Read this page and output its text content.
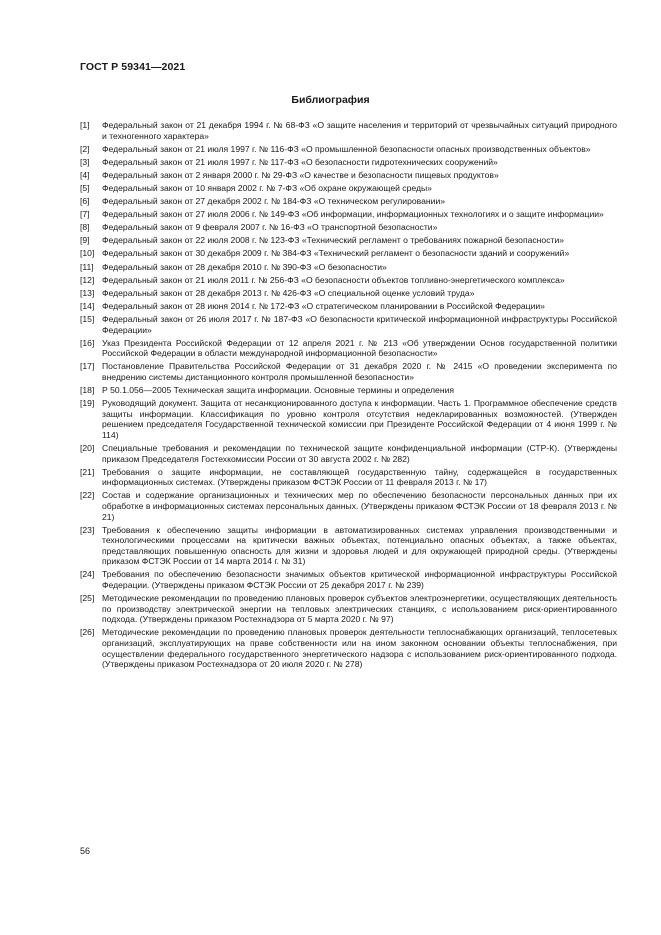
ГОСТ Р 59341—2021
Библиография
[1]	Федеральный закон от 21 декабря 1994 г. № 68-ФЗ «О защите населения и территорий от чрезвычайных ситуаций природного и техногенного характера»
[2]	Федеральный закон от 21 июля 1997 г. № 116-ФЗ «О промышленной безопасности опасных производственных объектов»
[3]	Федеральный закон от 21 июля 1997 г. № 117-ФЗ «О безопасности гидротехнических сооружений»
[4]	Федеральный закон от 2 января 2000 г. № 29-ФЗ «О качестве и безопасности пищевых продуктов»
[5]	Федеральный закон от 10 января 2002 г. № 7-ФЗ «Об охране окружающей среды»
[6]	Федеральный закон от 27 декабря 2002 г. № 184-ФЗ «О техническом регулировании»
[7]	Федеральный закон от 27 июля 2006 г. № 149-ФЗ «Об информации, информационных технологиях и о защите информации»
[8]	Федеральный закон от 9 февраля 2007 г. № 16-ФЗ «О транспортной безопасности»
[9]	Федеральный закон от 22 июля 2008 г. № 123-ФЗ «Технический регламент о требованиях пожарной безопасности»
[10] Федеральный закон от 30 декабря 2009 г. № 384-ФЗ «Технический регламент о безопасности зданий и сооружений»
[11] Федеральный закон от 28 декабря 2010 г. № 390-ФЗ «О безопасности»
[12] Федеральный закон от 21 июля 2011 г. № 256-ФЗ «О безопасности объектов топливно-энергетического комплекса»
[13] Федеральный закон от 28 декабря 2013 г. № 426-ФЗ «О специальной оценке условий труда»
[14] Федеральный закон от 28 июня 2014 г. № 172-ФЗ «О стратегическом планировании в Российской Федерации»
[15] Федеральный закон от 26 июля 2017 г. № 187-ФЗ «О безопасности критической информационной инфраструктуры Российской Федерации»
[16] Указ Президента Российской Федерации от 12 апреля 2021 г. № 213 «Об утверждении Основ государственной политики Российской Федерации в области международной информационной безопасности»
[17] Постановление Правительства Российской Федерации от 31 декабря 2020 г. № 2415 «О проведении эксперимента по внедрению системы дистанционного контроля промышленной безопасности»
[18] Р 50.1.056—2005 Техническая защита информации. Основные термины и определения
[19] Руководящий документ. Защита от несанкционированного доступа к информации. Часть 1. Программное обеспечение средств защиты информации. Классификация по уровню контроля отсутствия недекларированных возможностей. (Утвержден решением председателя Государственной технической комиссии при Президенте Российской Федерации от 4 июня 1999 г. № 114)
[20] Специальные требования и рекомендации по технической защите конфиденциальной информации (СТР-К). (Утверждены приказом Председателя Гостехкомиссии России от 30 августа 2002 г. № 282)
[21] Требования о защите информации, не составляющей государственную тайну, содержащейся в государственных информационных системах. (Утверждены приказом ФСТЭК России от 11 февраля 2013 г. № 17)
[22] Состав и содержание организационных и технических мер по обеспечению безопасности персональных данных при их обработке в информационных системах персональных данных. (Утверждены приказом ФСТЭК России от 18 февраля 2013 г. № 21)
[23] Требования к обеспечению защиты информации в автоматизированных системах управления производственными и технологическими процессами на критически важных объектах, потенциально опасных объектах, а также объектах, представляющих повышенную опасность для жизни и здоровья людей и для окружающей природной среды. (Утверждены приказом ФСТЭК России от 14 марта 2014 г. № 31)
[24] Требования по обеспечению безопасности значимых объектов критической информационной инфраструктуры Российской Федерации. (Утверждены приказом ФСТЭК России от 25 декабря 2017 г. № 239)
[25] Методические рекомендации по проведению плановых проверок субъектов электроэнергетики, осуществляющих деятельность по производству электрической энергии на тепловых электрических станциях, с использованием риск-ориентированного подхода. (Утверждены приказом Ростехнадзора от 5 марта 2020 г. № 97)
[26] Методические рекомендации по проведению плановых проверок деятельности теплоснабжающих организаций, теплосетевых организаций, эксплуатирующих на праве собственности или на ином законном основании объекты теплоснабжения, при осуществлении федерального государственного энергетического надзора с использованием риск-ориентированного подхода. (Утверждены приказом Ростехнадзора от 20 июля 2020 г. № 278)
56
